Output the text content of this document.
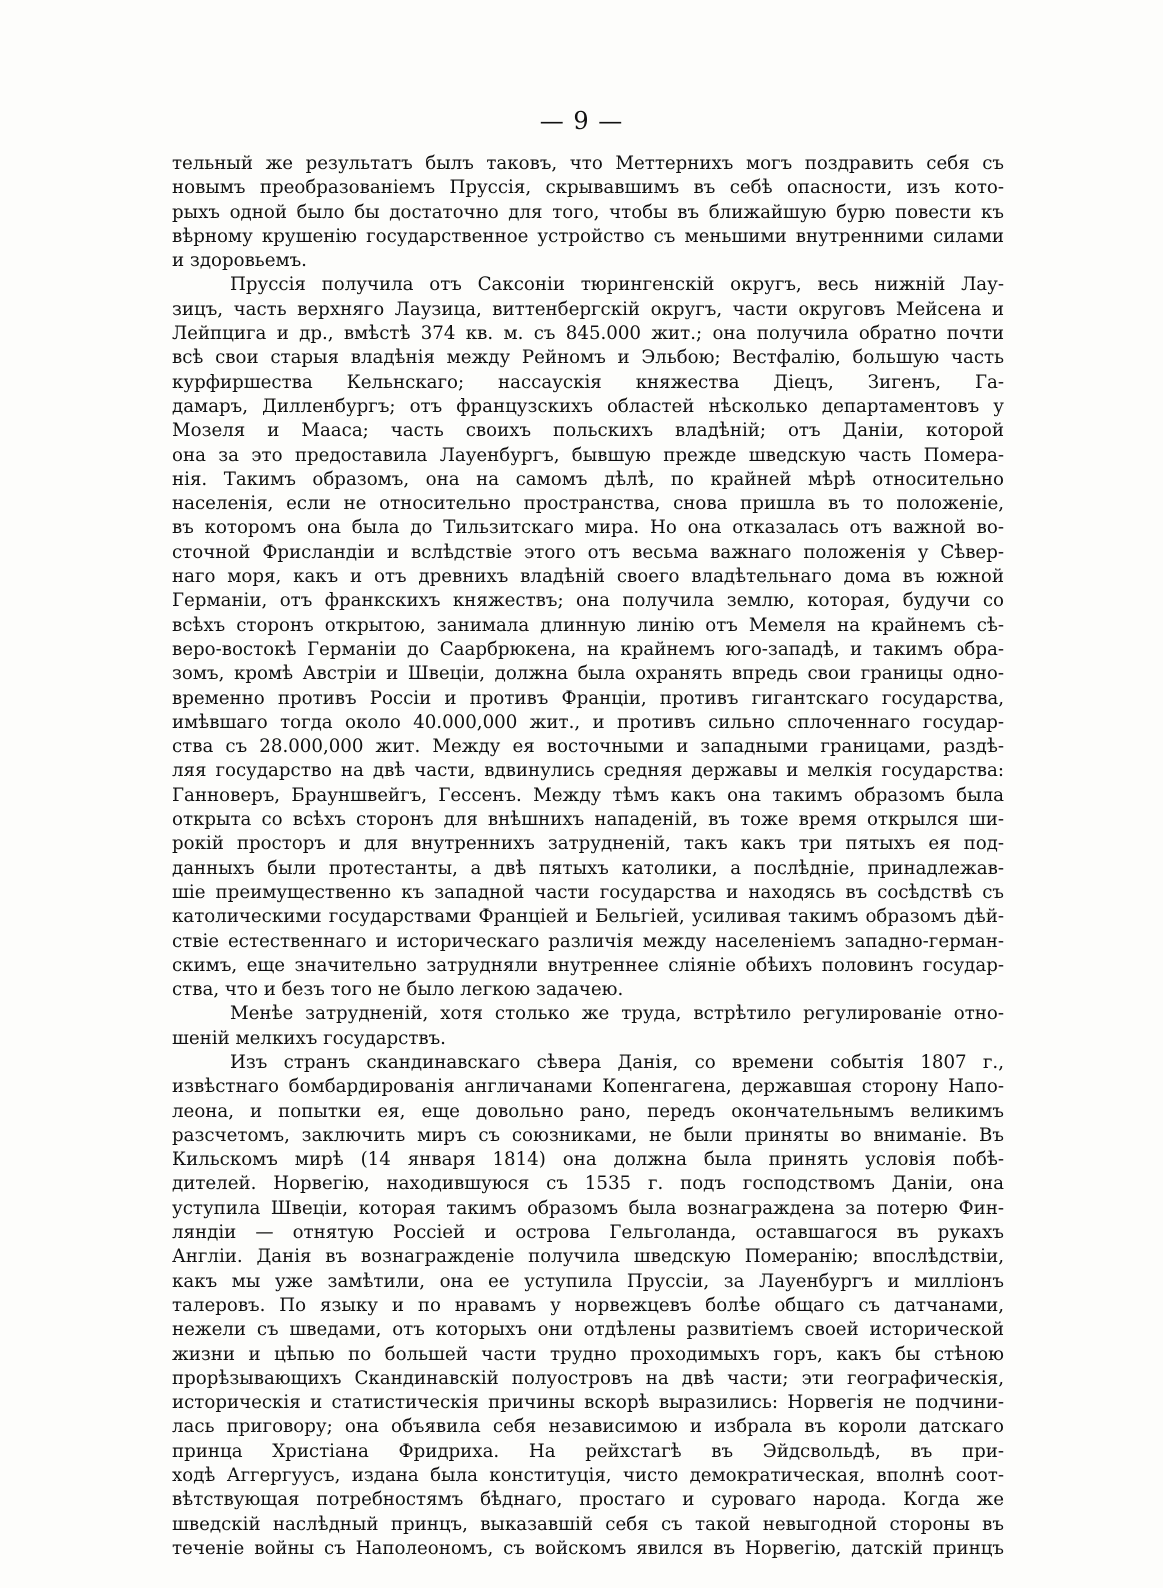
— 9 —
тельный же результатъ былъ таковъ, что Меттернихъ могъ поздравить себя съ
новымъ преобразованіемъ Пруссія, скрывавшимъ въ себѣ опасности, изъ кото-
рыхъ одной было бы достаточно для того, чтобы въ ближайшую бурю повести къ
вѣрному крушенію государственное устройство съ меньшими внутренними силами
и здоровьемъ.
Пруссія получила отъ Саксоніи тюрингенскій округъ, весь нижній Лау-
зицъ, часть верхняго Лаузица, виттенбергскій округъ, части округовъ Мейсена и
Лейпцига и др., вмѣстѣ 374 кв. м. съ 845.000 жит.; она получила обратно почти
всѣ свои старыя владѣнія между Рейномъ и Эльбою; Вестфалію, большую часть
курфиршества Кельнскаго; нассаускія княжества Діецъ, Зигенъ, Га-
дамаръ, Дилленбургъ; отъ французскихъ областей нѣсколько департаментовъ у
Мозеля и Мааса; часть своихъ польскихъ владѣній; отъ Даніи, которой
она за это предоставила Лауенбургъ, бывшую прежде шведскую часть Помера-
нія. Такимъ образомъ, она на самомъ дѣлѣ, по крайней мѣрѣ относительно
населенія, если не относительно пространства, снова пришла въ то положеніе,
въ которомъ она была до Тильзитскаго мира. Но она отказалась отъ важной во-
сточной Фрисландіи и вслѣдствіе этого отъ весьма важнаго положенія у Сѣвер-
наго моря, какъ и отъ древнихъ владѣній своего владѣтельнаго дома въ южной
Германіи, отъ франкскихъ княжествъ; она получила землю, которая, будучи со
всѣхъ сторонъ открытою, занимала длинную линію отъ Мемеля на крайнемъ сѣ-
веро-востокѣ Германіи до Саарбрюкена, на крайнемъ юго-западѣ, и такимъ обра-
зомъ, кромѣ Австріи и Швеціи, должна была охранять впредь свои границы одно-
временно противъ Россіи и противъ Франціи, противъ гигантскаго государства,
имѣвшаго тогда около 40.000,000 жит., и противъ сильно сплоченнаго государ-
ства съ 28.000,000 жит. Между ея восточными и западными границами, раздѣ-
ляя государство на двѣ части, вдвинулись средняя державы и мелкія государства:
Ганноверъ, Брауншвейгъ, Гессенъ. Между тѣмъ какъ она такимъ образомъ была
открыта со всѣхъ сторонъ для внѣшнихъ нападеній, въ тоже время открылся ши-
рокій просторъ и для внутреннихъ затрудненій, такъ какъ три пятыхъ ея под-
данныхъ были протестанты, а двѣ пятыхъ католики, а послѣдніе, принадлежав-
шіе преимущественно къ западной части государства и находясь въ сосѣдствѣ съ
католическими государствами Франціей и Бельгіей, усиливая такимъ образомъ дѣй-
ствіе естественнаго и историческаго различія между населеніемъ западно-герман-
скимъ, еще значительно затрудняли внутреннее сліяніе обѣихъ половинъ государ-
ства, что и безъ того не было легкою задачею.
Менѣе затрудненій, хотя столько же труда, встрѣтило регулированіе отно-
шеній мелкихъ государствъ.
Изъ странъ скандинавскаго сѣвера Данія, со времени событія 1807 г.,
извѣстнаго бомбардированія англичанами Копенгагена, державшая сторону Напо-
леона, и попытки ея, еще довольно рано, передъ окончательнымъ великимъ
разсчетомъ, заключить миръ съ союзниками, не были приняты во вниманіе. Въ
Кильскомъ мирѣ (14 января 1814) она должна была принять условія побѣ-
дителей. Норвегію, находившуюся съ 1535 г. подъ господствомъ Даніи, она
уступила Швеціи, которая такимъ образомъ была вознаграждена за потерю Фин-
ляндіи — отнятую Россіей и острова Гельголанда, оставшагося въ рукахъ
Англіи. Данія въ вознагражденіе получила шведскую Померанію; впослѣдствіи,
какъ мы уже замѣтили, она ее уступила Пруссіи, за Лауенбургъ и милліонъ
талеровъ. По языку и по нравамъ у норвежцевъ болѣе общаго съ датчанами,
нежели съ шведами, отъ которыхъ они отдѣлены развитіемъ своей исторической
жизни и цѣпью по большей части трудно проходимыхъ горъ, какъ бы стѣною
прорѣзывающихъ Скандинавскій полуостровъ на двѣ части; эти географическія,
историческія и статистическія причины вскорѣ выразились: Норвегія не подчини-
лась приговору; она объявила себя независимою и избрала въ короли датскаго
принца Христіана Фридриха. На рейхстагѣ въ Эйдсвольдѣ, въ при-
ходѣ Аггергуусъ, издана была конституція, чисто демократическая, вполнѣ соот-
вѣтствующая потребностямъ бѣднаго, простаго и суроваго народа. Когда же
шведскій наслѣдный принцъ, выказавшій себя съ такой невыгодной стороны въ
теченіе войны съ Наполеономъ, съ войскомъ явился въ Норвегію, датскій принцъ
